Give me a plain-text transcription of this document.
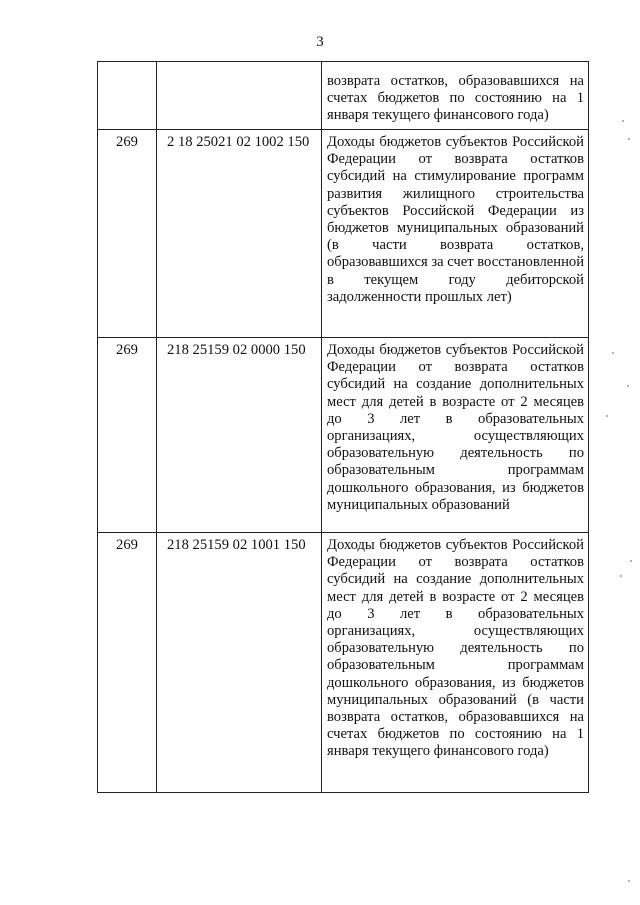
3
		возврата остатков, образовавшихся на счетах бюджетов по состоянию на 1 января текущего финансового года)
269	2 18 25021 02 1002 150	Доходы бюджетов субъектов Российской Федерации от возврата остатков субсидий на стимулирование программ развития жилищного строительства субъектов Российской Федерации из бюджетов муниципальных образований (в части возврата остатков, образовавшихся за счет восстановленной в текущем году дебиторской задолженности прошлых лет)
269	218 25159 02 0000 150	Доходы бюджетов субъектов Российской Федерации от возврата остатков субсидий на создание дополнительных мест для детей в возрасте от 2 месяцев до 3 лет в образовательных организациях, осуществляющих образовательную деятельность по образовательным программам дошкольного образования, из бюджетов муниципальных образований
269	218 25159 02 1001 150	Доходы бюджетов субъектов Российской Федерации от возврата остатков субсидий на создание дополнительных мест для детей в возрасте от 2 месяцев до 3 лет в образовательных организациях, осуществляющих образовательную деятельность по образовательным программам дошкольного образования, из бюджетов муниципальных образований (в части возврата остатков, образовавшихся на счетах бюджетов по состоянию на 1 января текущего финансового года)
